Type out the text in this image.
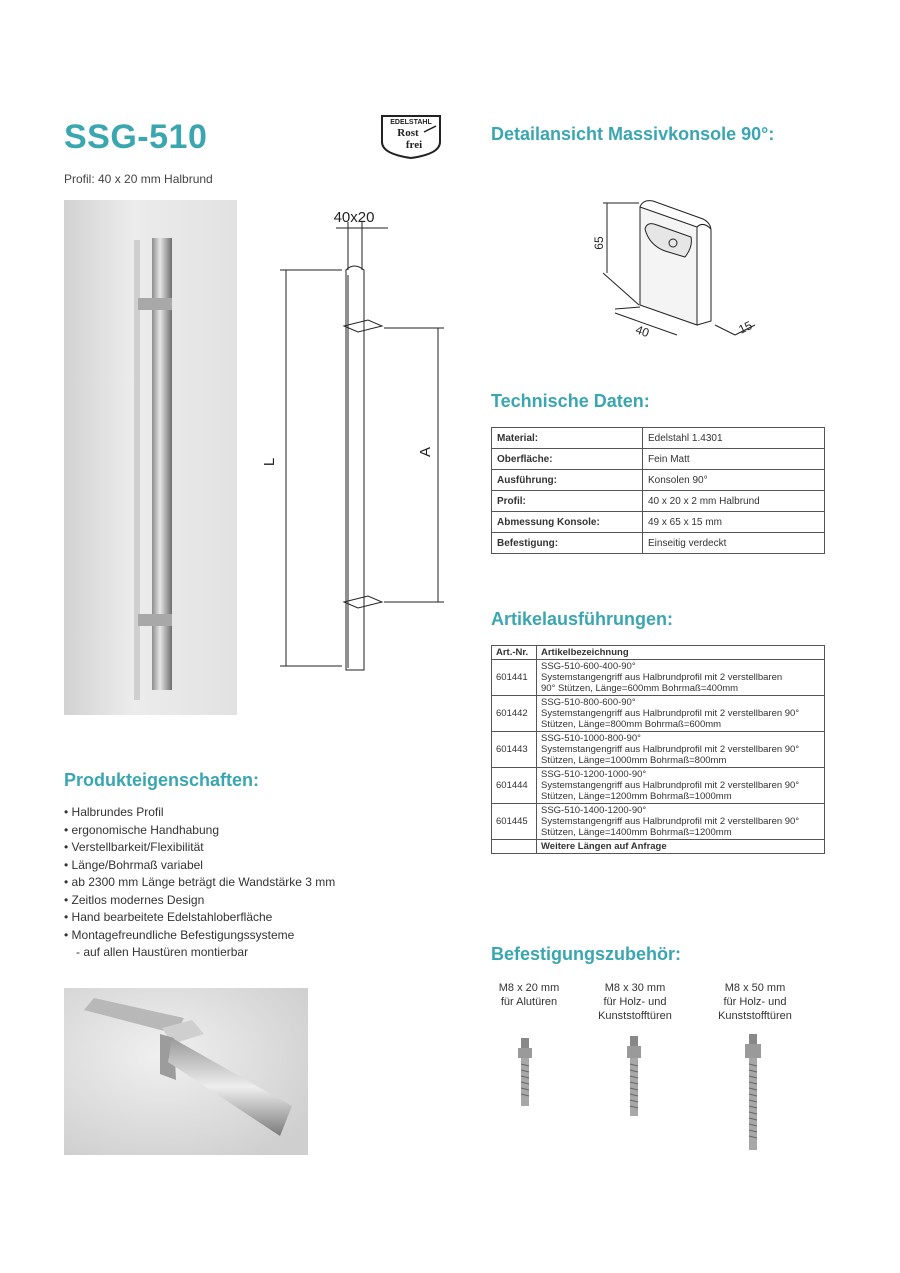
SSG-510
Profil: 40 x 20 mm Halbrund
EDELSTAHL
Rost
frei
40x20
L
A
Detailansicht Massivkonsole 90°:
65
40	15
Technische Daten:
Material:	Edelstahl 1.4301
Oberfläche:	Fein Matt
Ausführung:	Konsolen 90°
Profil:	40 x 20 x 2 mm Halbrund
Abmessung Konsole:	49 x 65 x 15 mm
Befestigung:	Einseitig verdeckt
Artikelausführungen:
Art.-Nr.	Artikelbezeichnung
601441	SSG-510-600-400-90°
Systemstangengriff aus Halbrundprofil mit 2 verstellbaren
90° Stützen, Länge=600mm Bohrmaß=400mm

601442	SSG-510-800-600-90°
Systemstangengriff aus Halbrundprofil mit 2 verstellbaren 90°
Stützen, Länge=800mm Bohrmaß=600mm

601443	SSG-510-1000-800-90°
Systemstangengriff aus Halbrundprofil mit 2 verstellbaren 90°
Stützen, Länge=1000mm Bohrmaß=800mm

601444	SSG-510-1200-1000-90°
Systemstangengriff aus Halbrundprofil mit 2 verstellbaren 90°
Stützen, Länge=1200mm Bohrmaß=1000mm

601445	SSG-510-1400-1200-90°
Systemstangengriff aus Halbrundprofil mit 2 verstellbaren 90°
Stützen, Länge=1400mm Bohrmaß=1200mm

	Weitere Längen auf Anfrage
Produkteigenschaften:
• Halbrundes Profil
• ergonomische Handhabung
• Verstellbarkeit/Flexibilität
• Länge/Bohrmaß variabel
• ab 2300 mm Länge beträgt die Wandstärke 3 mm
• Zeitlos modernes Design
• Hand bearbeitete Edelstahloberfläche
• Montagefreundliche Befestigungssysteme
- auf allen Haustüren montierbar	Befestigungszubehör:
M8 x 20 mm
für Alutüren
M8 x 30 mm
für Holz- und
Kunststofftüren
M8 x 50 mm
für Holz- und
Kunststofftüren
